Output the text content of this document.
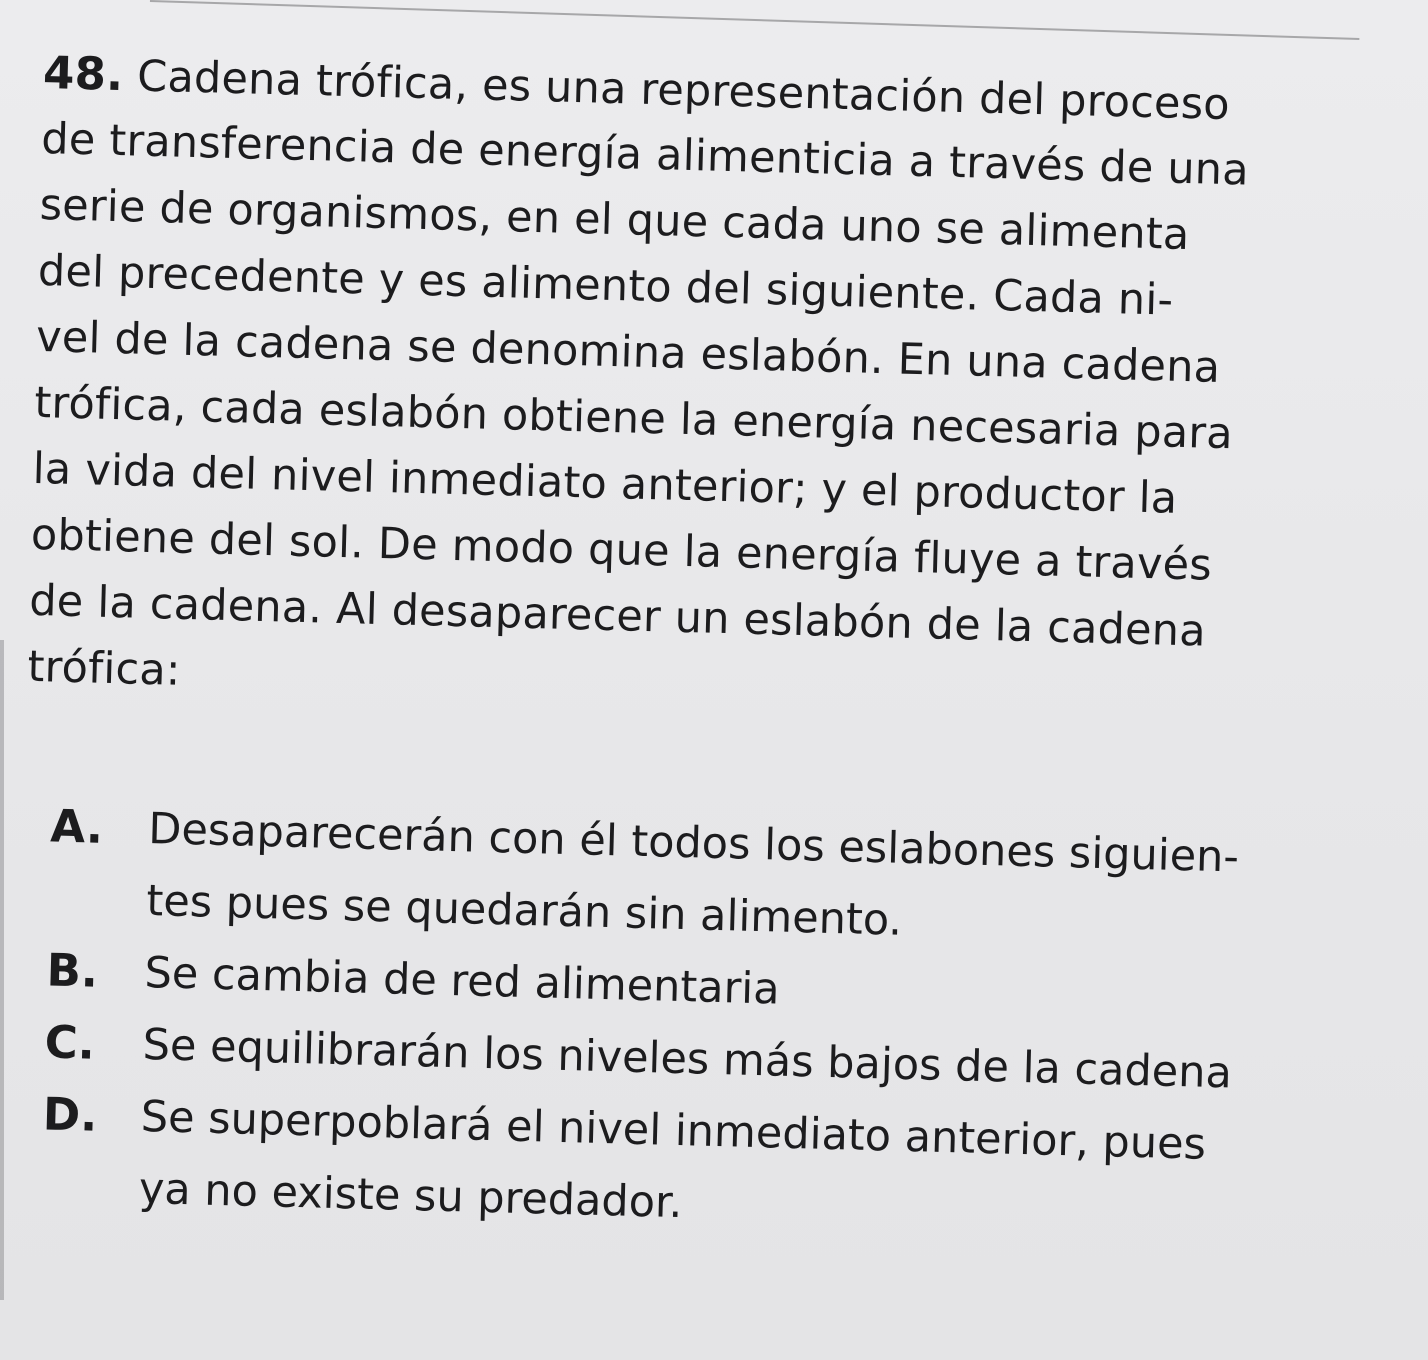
48. Cadena trófica, es una representación del proceso
de transferencia de energía alimenticia a través de una
serie de organismos, en el que cada uno se alimenta
del precedente y es alimento del siguiente. Cada ni-
vel de la cadena se denomina eslabón. En una cadena
trófica, cada eslabón obtiene la energía necesaria para
la vida del nivel inmediato anterior; y el productor la
obtiene del sol. De modo que la energía fluye a través
de la cadena. Al desaparecer un eslabón de la cadena
trófica:
A. Desaparecerán con él todos los eslabones siguien-
tes pues se quedarán sin alimento.
B. Se cambia de red alimentaria
C. Se equilibrarán los niveles más bajos de la cadena
D. Se superpoblará el nivel inmediato anterior, pues
ya no existe su predador.
